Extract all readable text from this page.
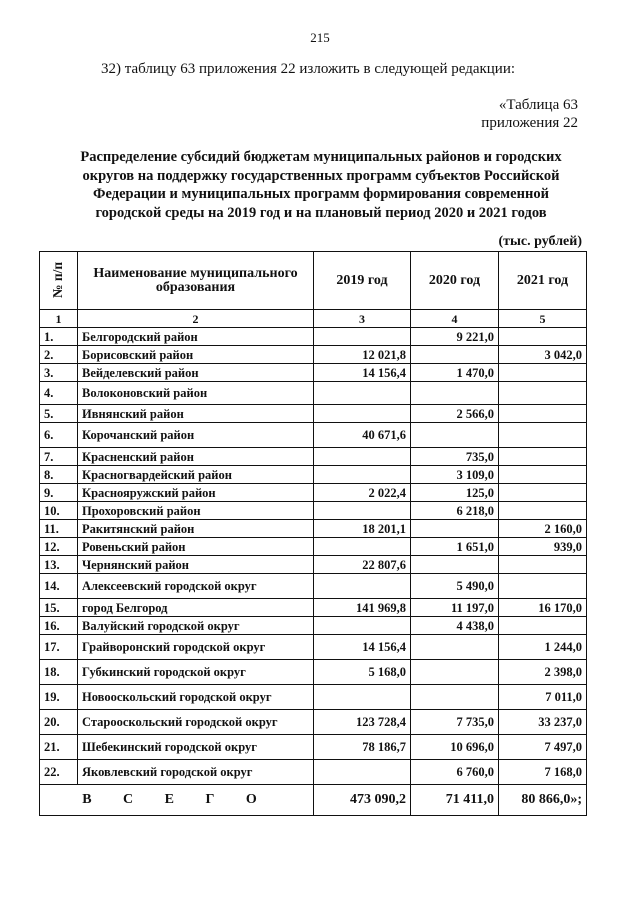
215
32) таблицу 63 приложения 22 изложить в следующей редакции:
«Таблица 63
приложения 22
Распределение субсидий бюджетам муниципальных районов и городских
округов на поддержку государственных программ субъектов Российской
Федерации и муниципальных программ формирования современной
городской среды на 2019 год и на плановый период 2020 и 2021 годов
(тыс. рублей)
№ п/п	Наименование муниципального образования	2019 год	2020 год	2021 год
1	2	3	4	5
1.	Белгородский район		9 221,0	
2.	Борисовский район	12 021,8		3 042,0
3.	Вейделевский район	14 156,4	1 470,0	
4.	Волоконовский район			
5.	Ивнянский район		2 566,0	
6.	Корочанский район	40 671,6		
7.	Красненский район		735,0	
8.	Красногвардейский район		3 109,0	
9.	Краснояружский район	2 022,4	125,0	
10.	Прохоровский район		6 218,0	
11.	Ракитянский район	18 201,1		2 160,0
12.	Ровеньский район		1 651,0	939,0
13.	Чернянский район	22 807,6		
14.	Алексеевский городской округ		5 490,0	
15.	город Белгород	141 969,8	11 197,0	16 170,0
16.	Валуйский городской округ		4 438,0	
17.	Грайворонский городской округ	14 156,4		1 244,0
18.	Губкинский городской округ	5 168,0		2 398,0
19.	Новооскольский городской округ			7 011,0
20.	Старооскольский городской округ	123 728,4	7 735,0	33 237,0
21.	Шебекинский городской округ	78 186,7	10 696,0	7 497,0
22.	Яковлевский городской округ		6 760,0	7 168,0
В С Е Г О		473 090,2	71 411,0	80 866,0»;
